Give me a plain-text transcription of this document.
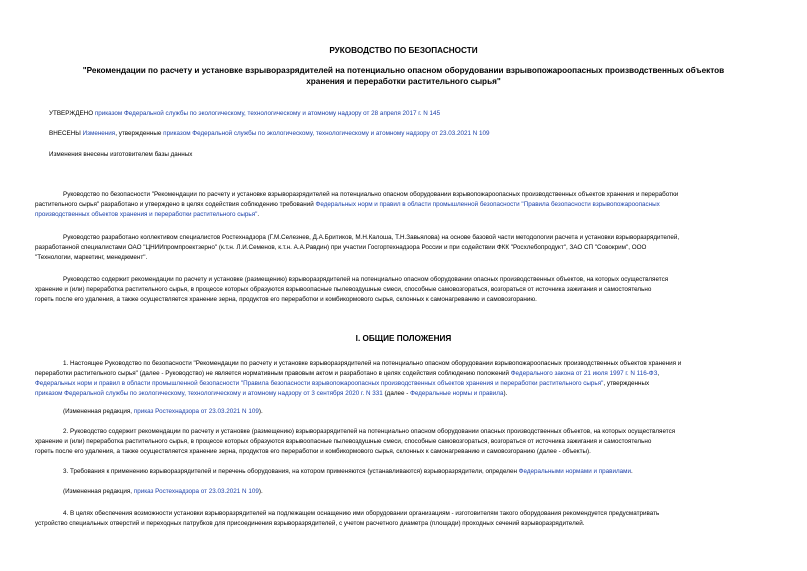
РУКОВОДСТВО ПО БЕЗОПАСНОСТИ
"Рекомендации по расчету и установке взрыворазрядителей на потенциально опасном оборудовании взрывопожароопасных производственных объектов
хранения и переработки растительного сырья"
УТВЕРЖДЕНО приказом Федеральной службы по экологическому, технологическому и атомному надзору от 28 апреля 2017 г. N 145
ВНЕСЕНЫ Изменения, утвержденные приказом Федеральной службы по экологическому, технологическому и атомному надзору от 23.03.2021 N 109
Изменения внесены изготовителем базы данных
Руководство по безопасности "Рекомендации по расчету и установке взрыворазрядителей на потенциально опасном оборудовании взрывопожароопасных производственных объектов хранения и переработки
растительного сырья" разработано и утверждено в целях содействия соблюдению требований Федеральных норм и правил в области промышленной безопасности "Правила безопасности взрывопожароопасных
производственных объектов хранения и переработки растительного сырья".
Руководство разработано коллективом специалистов Ростехнадзора (Г.М.Селезнев, Д.А.Бритиков, М.Н.Калоша, Т.Н.Завьялова) на основе базовой части методологии расчета и установки взрыворазрядителей,
разработанной специалистами ОАО "ЦНИИпромпроектзерно" (к.т.н. Л.И.Семенов, к.т.н. А.А.Равдин) при участии Госгортехнадзора России и при содействии ФКК "Росхлебопродукт", ЗАО СП "Совокрим", ООО
"Технологии, маркетинг, менеджмент".
Руководство содержит рекомендации по расчету и установке (размещению) взрыворазрядителей на потенциально опасном оборудовании опасных производственных объектов, на которых осуществляется
хранение и (или) переработка растительного сырья, в процессе которых образуются взрывоопасные пылевоздушные смеси, способные самовозгораться, возгораться от источника зажигания и самостоятельно
гореть после его удаления, а также осуществляется хранение зерна, продуктов его переработки и комбикормового сырья, склонных к самонагреванию и самовозгоранию.
I. ОБЩИЕ ПОЛОЖЕНИЯ
1. Настоящее Руководство по безопасности "Рекомендации по расчету и установке взрыворазрядителей на потенциально опасном оборудовании взрывопожароопасных производственных объектов хранения и
переработки растительного сырья" (далее - Руководство) не является нормативным правовым актом и разработано в целях содействия соблюдению положений Федерального закона от 21 июля 1997 г. N 116-ФЗ,
Федеральных норм и правил в области промышленной безопасности "Правила безопасности взрывопожароопасных производственных объектов хранения и переработки растительного сырья", утвержденных
приказом Федеральной службы по экологическому, технологическому и атомному надзору от 3 сентября 2020 г. N 331 (далее - Федеральные нормы и правила).
(Измененная редакция, приказ Ростехнадзора от 23.03.2021 N 109).
2. Руководство содержит рекомендации по расчету и установке (размещению) взрыворазрядителей на потенциально опасном оборудовании опасных производственных объектов, на которых осуществляется
хранение и (или) переработка растительного сырья, в процессе которых образуются взрывоопасные пылевоздушные смеси, способные самовозгораться, возгораться от источника зажигания и самостоятельно
гореть после его удаления, а также осуществляется хранение зерна, продуктов его переработки и комбикормового сырья, склонных к самонагреванию и самовозгоранию (далее - объекты).
3. Требования к применению взрыворазрядителей и перечень оборудования, на котором применяются (устанавливаются) взрыворазрядители, определен Федеральными нормами и правилами.
(Измененная редакция, приказ Ростехнадзора от 23.03.2021 N 109).
4. В целях обеспечения возможности установки взрыворазрядителей на подлежащем оснащению ими оборудовании организациям - изготовителям такого оборудования рекомендуется предусматривать
устройство специальных отверстий и переходных патрубков для присоединения взрыворазрядителей, с учетом расчетного диаметра (площади) проходных сечений взрыворазрядителей.
